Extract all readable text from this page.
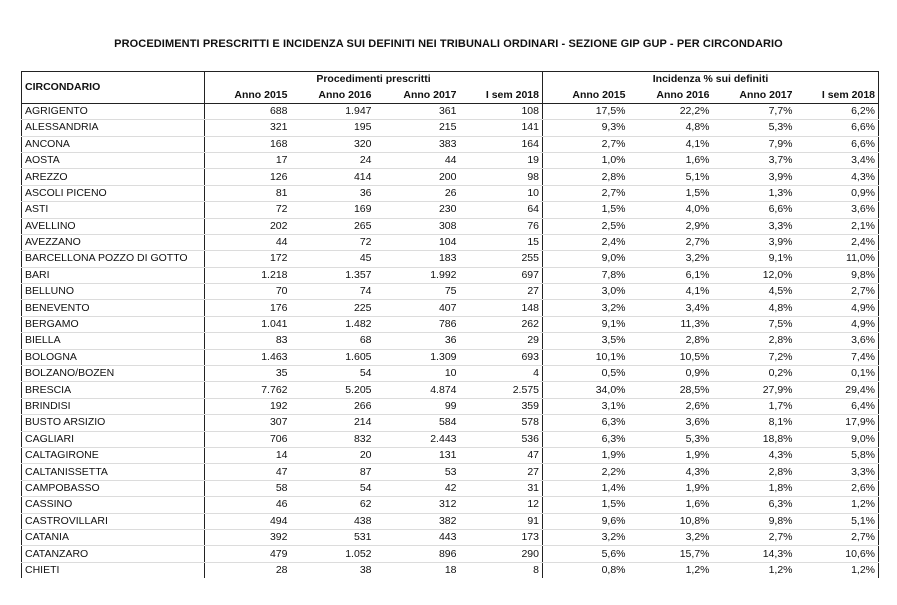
PROCEDIMENTI PRESCRITTI E INCIDENZA SUI DEFINITI NEI TRIBUNALI ORDINARI - SEZIONE GIP GUP - PER CIRCONDARIO
CIRCONDARIO	Procedimenti prescritti				Incidenza % sui definiti			
	Anno 2015	Anno 2016	Anno 2017	I sem 2018	Anno 2015	Anno 2016	Anno 2017	I sem 2018
AGRIGENTO	688	1.947	361	108	17,5%	22,2%	7,7%	6,2%
ALESSANDRIA	321	195	215	141	9,3%	4,8%	5,3%	6,6%
ANCONA	168	320	383	164	2,7%	4,1%	7,9%	6,6%
AOSTA	17	24	44	19	1,0%	1,6%	3,7%	3,4%
AREZZO	126	414	200	98	2,8%	5,1%	3,9%	4,3%
ASCOLI PICENO	81	36	26	10	2,7%	1,5%	1,3%	0,9%
ASTI	72	169	230	64	1,5%	4,0%	6,6%	3,6%
AVELLINO	202	265	308	76	2,5%	2,9%	3,3%	2,1%
AVEZZANO	44	72	104	15	2,4%	2,7%	3,9%	2,4%
BARCELLONA POZZO DI GOTTO	172	45	183	255	9,0%	3,2%	9,1%	11,0%
BARI	1.218	1.357	1.992	697	7,8%	6,1%	12,0%	9,8%
BELLUNO	70	74	75	27	3,0%	4,1%	4,5%	2,7%
BENEVENTO	176	225	407	148	3,2%	3,4%	4,8%	4,9%
BERGAMO	1.041	1.482	786	262	9,1%	11,3%	7,5%	4,9%
BIELLA	83	68	36	29	3,5%	2,8%	2,8%	3,6%
BOLOGNA	1.463	1.605	1.309	693	10,1%	10,5%	7,2%	7,4%
BOLZANO/BOZEN	35	54	10	4	0,5%	0,9%	0,2%	0,1%
BRESCIA	7.762	5.205	4.874	2.575	34,0%	28,5%	27,9%	29,4%
BRINDISI	192	266	99	359	3,1%	2,6%	1,7%	6,4%
BUSTO ARSIZIO	307	214	584	578	6,3%	3,6%	8,1%	17,9%
CAGLIARI	706	832	2.443	536	6,3%	5,3%	18,8%	9,0%
CALTAGIRONE	14	20	131	47	1,9%	1,9%	4,3%	5,8%
CALTANISSETTA	47	87	53	27	2,2%	4,3%	2,8%	3,3%
CAMPOBASSO	58	54	42	31	1,4%	1,9%	1,8%	2,6%
CASSINO	46	62	312	12	1,5%	1,6%	6,3%	1,2%
CASTROVILLARI	494	438	382	91	9,6%	10,8%	9,8%	5,1%
CATANIA	392	531	443	173	3,2%	3,2%	2,7%	2,7%
CATANZARO	479	1.052	896	290	5,6%	15,7%	14,3%	10,6%
CHIETI	28	38	18	8	0,8%	1,2%	1,2%	1,2%
